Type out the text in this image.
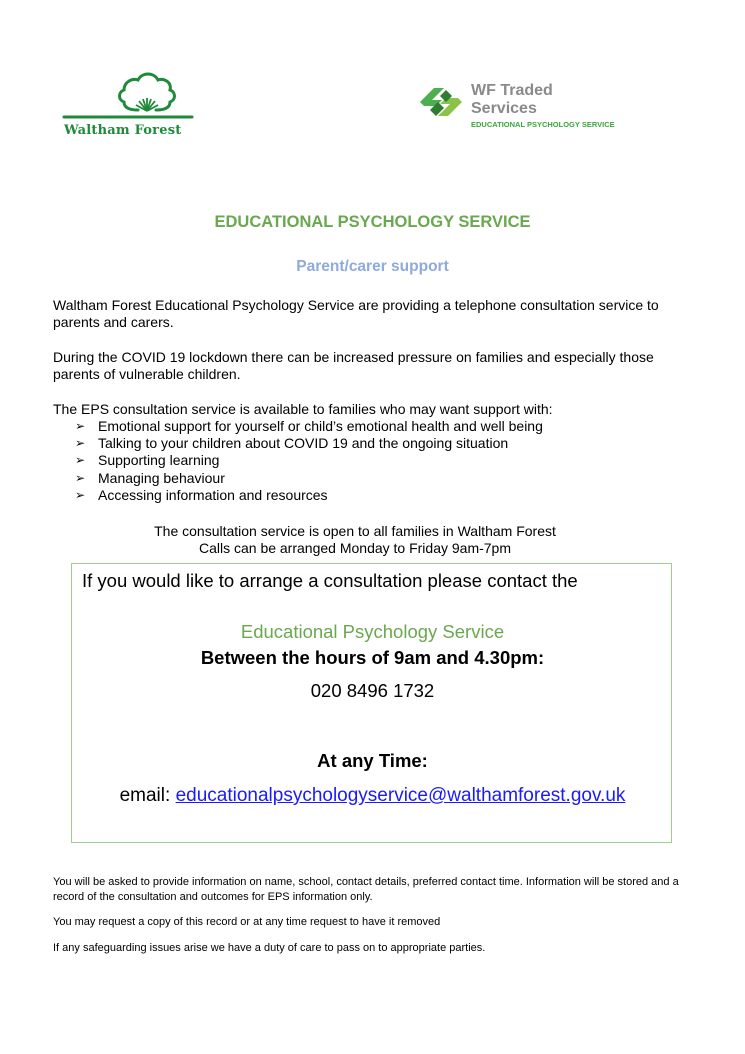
Waltham Forest
WF Traded
Services
EDUCATIONAL PSYCHOLOGY SERVICE
EDUCATIONAL PSYCHOLOGY SERVICE
Parent/carer support
Waltham Forest Educational Psychology Service are providing a telephone consultation service to parents and carers.
During the COVID 19 lockdown there can be increased pressure on families and especially those parents of vulnerable children.
The EPS consultation service is available to families who may want support with:
➢ Emotional support for yourself or child’s emotional health and well being
➢ Talking to your children about COVID 19 and the ongoing situation
➢ Supporting learning
➢ Managing behaviour
➢ Accessing information and resources
The consultation service is open to all families in Waltham Forest
Calls can be arranged Monday to Friday 9am-7pm
If you would like to arrange a consultation please contact the
Educational Psychology Service
Between the hours of 9am and 4.30pm:
020 8496 1732
At any Time:
email: educationalpsychologyservice@walthamforest.gov.uk
You will be asked to provide information on name, school, contact details, preferred contact time. Information will be stored and a record of the consultation and outcomes for EPS information only.
You may request a copy of this record or at any time request to have it removed
If any safeguarding issues arise we have a duty of care to pass on to appropriate parties.
